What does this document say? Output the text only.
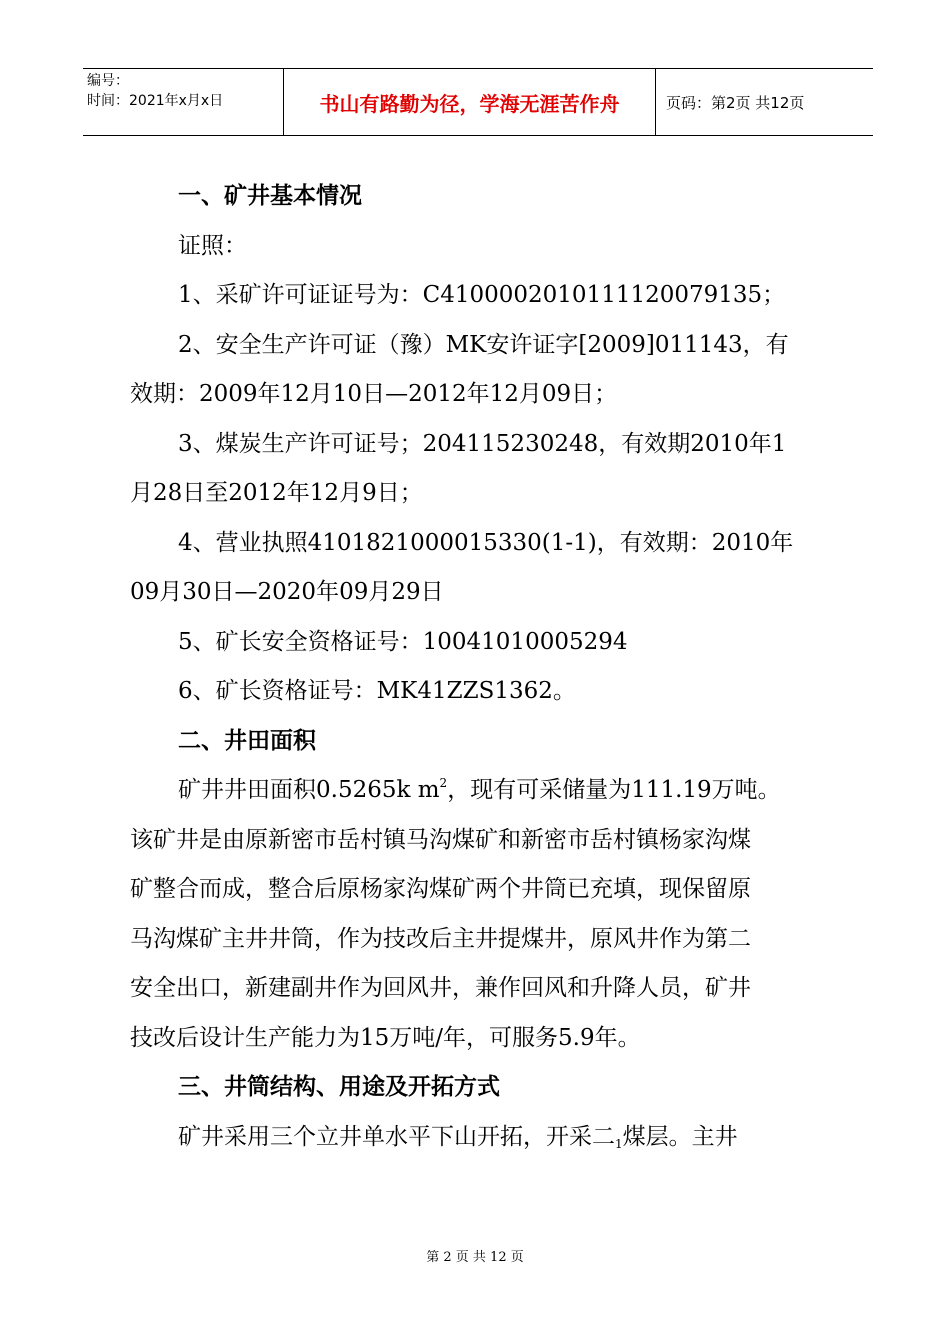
编号：
时间：2021年x月x日	书山有路勤为径，学海无涯苦作舟	页码：第2页 共12页
一、矿井基本情况
证照：
1、采矿许可证证号为：C4100002010111120079135；
2、安全生产许可证（豫）MK安许证字[2009]011143，有
效期：2009年12月10日—2012年12月09日；
3、煤炭生产许可证号；204115230248，有效期2010年1
月28日至2012年12月9日；
4、营业执照4101821000015330(1-1)，有效期：2010年
09月30日—2020年09月29日
5、矿长安全资格证号：10041010005294
6、矿长资格证号：MK41ZZS1362。
二、井田面积
矿井井田面积0.5265k $m^2$，现有可采储量为111.19万吨。
该矿井是由原新密市岳村镇马沟煤矿和新密市岳村镇杨家沟煤
矿整合而成，整合后原杨家沟煤矿两个井筒已充填，现保留原
马沟煤矿主井井筒，作为技改后主井提煤井，原风井作为第二
安全出口，新建副井作为回风井，兼作回风和升降人员，矿井
技改后设计生产能力为15万吨/年，可服务5.9年。
三、井筒结构、用途及开拓方式
矿井采用三个立井单水平下山开拓，开采二$_1$煤层。主井
第 2 页 共 12 页
